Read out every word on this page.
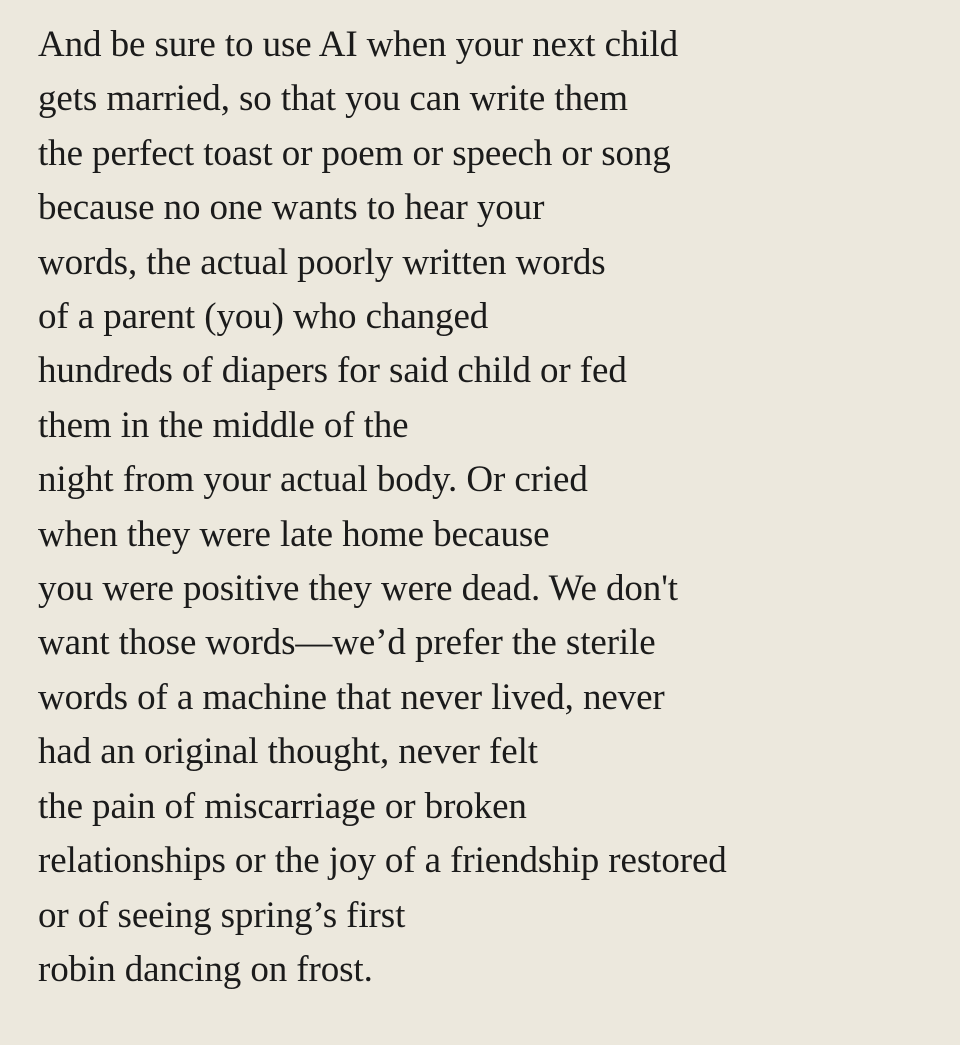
And be sure to use AI when your next child
gets married, so that you can write them
the perfect toast or poem or speech or song
because no one wants to hear your
words, the actual poorly written words
of a parent (you) who changed
hundreds of diapers for said child or fed
them in the middle of the
night from your actual body. Or cried
when they were late home because
you were positive they were dead. We don't
want those words—we’d prefer the sterile
words of a machine that never lived, never
had an original thought, never felt
the pain of miscarriage or broken
relationships or the joy of a friendship restored
or of seeing spring’s first
robin dancing on frost.
